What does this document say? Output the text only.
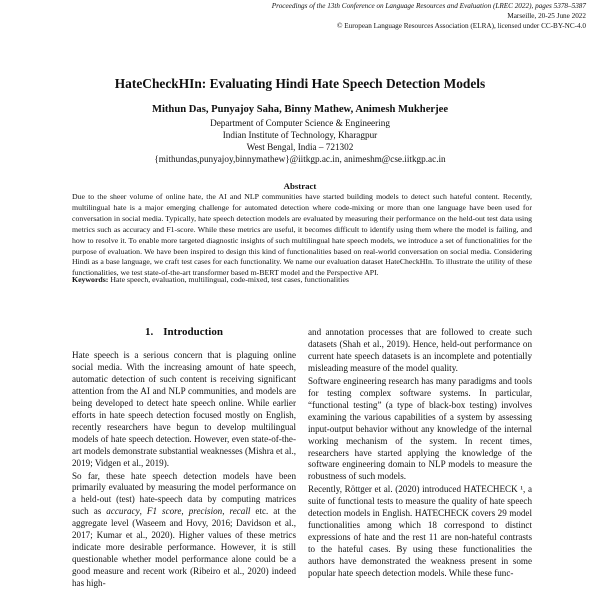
Proceedings of the 13th Conference on Language Resources and Evaluation (LREC 2022), pages 5378–5387
Marseille, 20-25 June 2022
© European Language Resources Association (ELRA), licensed under CC-BY-NC-4.0
HateCheckHIn: Evaluating Hindi Hate Speech Detection Models
Mithun Das, Punyajoy Saha, Binny Mathew, Animesh Mukherjee
Department of Computer Science & Engineering
Indian Institute of Technology, Kharagpur
West Bengal, India – 721302
{mithundas,punyajoy,binnymathew}@iitkgp.ac.in, animeshm@cse.iitkgp.ac.in
Abstract
Due to the sheer volume of online hate, the AI and NLP communities have started building models to detect such hateful content. Recently, multilingual hate is a major emerging challenge for automated detection where code-mixing or more than one language have been used for conversation in social media. Typically, hate speech detection models are evaluated by measuring their performance on the held-out test data using metrics such as accuracy and F1-score. While these metrics are useful, it becomes difficult to identify using them where the model is failing, and how to resolve it. To enable more targeted diagnostic insights of such multilingual hate speech models, we introduce a set of functionalities for the purpose of evaluation. We have been inspired to design this kind of functionalities based on real-world conversation on social media. Considering Hindi as a base language, we craft test cases for each functionality. We name our evaluation dataset HateCheckHIn. To illustrate the utility of these functionalities, we test state-of-the-art transformer based m-BERT model and the Perspective API.
Keywords: Hate speech, evaluation, multilingual, code-mixed, test cases, functionalities
1. Introduction

Hate speech is a serious concern that is plaguing online social media. With the increasing amount of hate speech, automatic detection of such content is receiving significant attention from the AI and NLP communities, and models are being developed to detect hate speech online. While earlier efforts in hate speech detection focused mostly on English, recently researchers have begun to develop multilingual models of hate speech detection. However, even state-of-the-art models demonstrate substantial weaknesses (Mishra et al., 2019; Vidgen et al., 2019).

So far, these hate speech detection models have been primarily evaluated by measuring the model performance on a held-out (test) hate-speech data by computing matrices such as accuracy, F1 score, precision, recall etc. at the aggregate level (Waseem and Hovy, 2016; Davidson et al., 2017; Kumar et al., 2020). Higher values of these metrics indicate more desirable performance. However, it is still questionable whether model performance alone could be a good measure and recent work (Ribeiro et al., 2020) indeed has high-

and annotation processes that are followed to create such datasets (Shah et al., 2019). Hence, held-out performance on current hate speech datasets is an incomplete and potentially misleading measure of the model quality.

Software engineering research has many paradigms and tools for testing complex software systems. In particular, “functional testing” (a type of black-box testing) involves examining the various capabilities of a system by assessing input-output behavior without any knowledge of the internal working mechanism of the system. In recent times, researchers have started applying the knowledge of the software engineering domain to NLP models to measure the robustness of such models.

Recently, Röttger et al. (2020) introduced HATECHECK ¹, a suite of functional tests to measure the quality of hate speech detection models in English. HATECHECK covers 29 model functionalities among which 18 correspond to distinct expressions of hate and the rest 11 are non-hateful contrasts to the hateful cases. By using these functionalities the authors have demonstrated the weakness present in some popular hate speech detection models. While these func-
